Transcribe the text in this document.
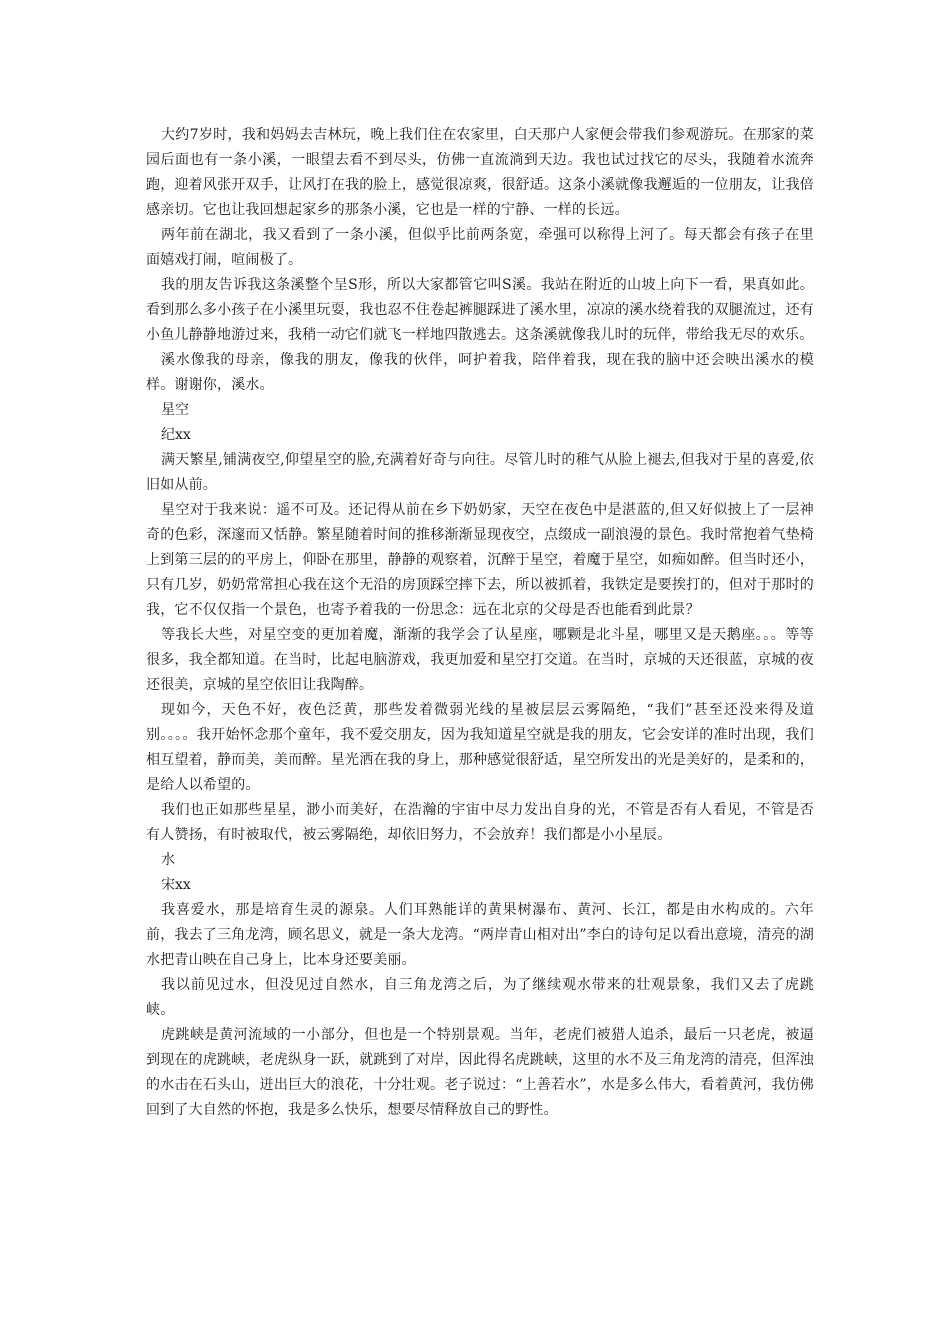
大约7岁时，我和妈妈去吉林玩，晚上我们住在农家里，白天那户人家便会带我们参观游玩。在那家的菜园后面也有一条小溪，一眼望去看不到尽头，仿佛一直流淌到天边。我也试过找它的尽头，我随着水流奔跑，迎着风张开双手，让风打在我的脸上，感觉很凉爽，很舒适。这条小溪就像我邂逅的一位朋友，让我倍感亲切。它也让我回想起家乡的那条小溪，它也是一样的宁静、一样的长远。

两年前在湖北，我又看到了一条小溪，但似乎比前两条宽，牵强可以称得上河了。每天都会有孩子在里面嬉戏打闹，喧闹极了。

我的朋友告诉我这条溪整个呈S形，所以大家都管它叫S溪。我站在附近的山坡上向下一看，果真如此。看到那么多小孩子在小溪里玩耍，我也忍不住卷起裤腿踩进了溪水里，凉凉的溪水绕着我的双腿流过，还有小鱼儿静静地游过来，我稍一动它们就飞一样地四散逃去。这条溪就像我儿时的玩伴，带给我无尽的欢乐。

溪水像我的母亲，像我的朋友，像我的伙伴，呵护着我，陪伴着我，现在我的脑中还会映出溪水的模样。谢谢你，溪水。

星空

纪xx

满天繁星,铺满夜空,仰望星空的脸,充满着好奇与向往。尽管儿时的稚气从脸上褪去,但我对于星的喜爱,依旧如从前。

星空对于我来说：遥不可及。还记得从前在乡下奶奶家，天空在夜色中是湛蓝的,但又好似披上了一层神奇的色彩，深邃而又恬静。繁星随着时间的推移渐渐显现夜空，点缀成一副浪漫的景色。我时常抱着气垫椅上到第三层的的平房上，仰卧在那里，静静的观察着，沉醉于星空，着魔于星空，如痴如醉。但当时还小，只有几岁，奶奶常常担心我在这个无沿的房顶踩空摔下去，所以被抓着，我铁定是要挨打的，但对于那时的我，它不仅仅指一个景色，也寄予着我的一份思念：远在北京的父母是否也能看到此景？

等我长大些，对星空变的更加着魔，渐渐的我学会了认星座，哪颗是北斗星，哪里又是天鹅座。。。等等很多，我全都知道。在当时，比起电脑游戏，我更加爱和星空打交道。在当时，京城的天还很蓝，京城的夜还很美，京城的星空依旧让我陶醉。

现如今，天色不好，夜色泛黄，那些发着微弱光线的星被层层云雾隔绝，“我们”甚至还没来得及道别。。。。我开始怀念那个童年，我不爱交朋友，因为我知道星空就是我的朋友，它会安详的准时出现，我们相互望着，静而美，美而醉。星光洒在我的身上，那种感觉很舒适，星空所发出的光是美好的，是柔和的，是给人以希望的。

我们也正如那些星星，渺小而美好，在浩瀚的宇宙中尽力发出自身的光，不管是否有人看见，不管是否有人赞扬，有时被取代，被云雾隔绝，却依旧努力，不会放弃！我们都是小小星辰。

水

宋xx

我喜爱水，那是培育生灵的源泉。人们耳熟能详的黄果树瀑布、黄河、长江，都是由水构成的。六年前，我去了三角龙湾，顾名思义，就是一条大龙湾。“两岸青山相对出”李白的诗句足以看出意境，清亮的湖水把青山映在自己身上，比本身还要美丽。

我以前见过水，但没见过自然水，自三角龙湾之后，为了继续观水带来的壮观景象，我们又去了虎跳峡。

虎跳峡是黄河流域的一小部分，但也是一个特别景观。当年，老虎们被猎人追杀，最后一只老虎，被逼到现在的虎跳峡，老虎纵身一跃，就跳到了对岸，因此得名虎跳峡，这里的水不及三角龙湾的清亮，但浑浊的水击在石头山，迸出巨大的浪花，十分壮观。老子说过：“上善若水”，水是多么伟大，看着黄河，我仿佛回到了大自然的怀抱，我是多么快乐，想要尽情释放自己的野性。
